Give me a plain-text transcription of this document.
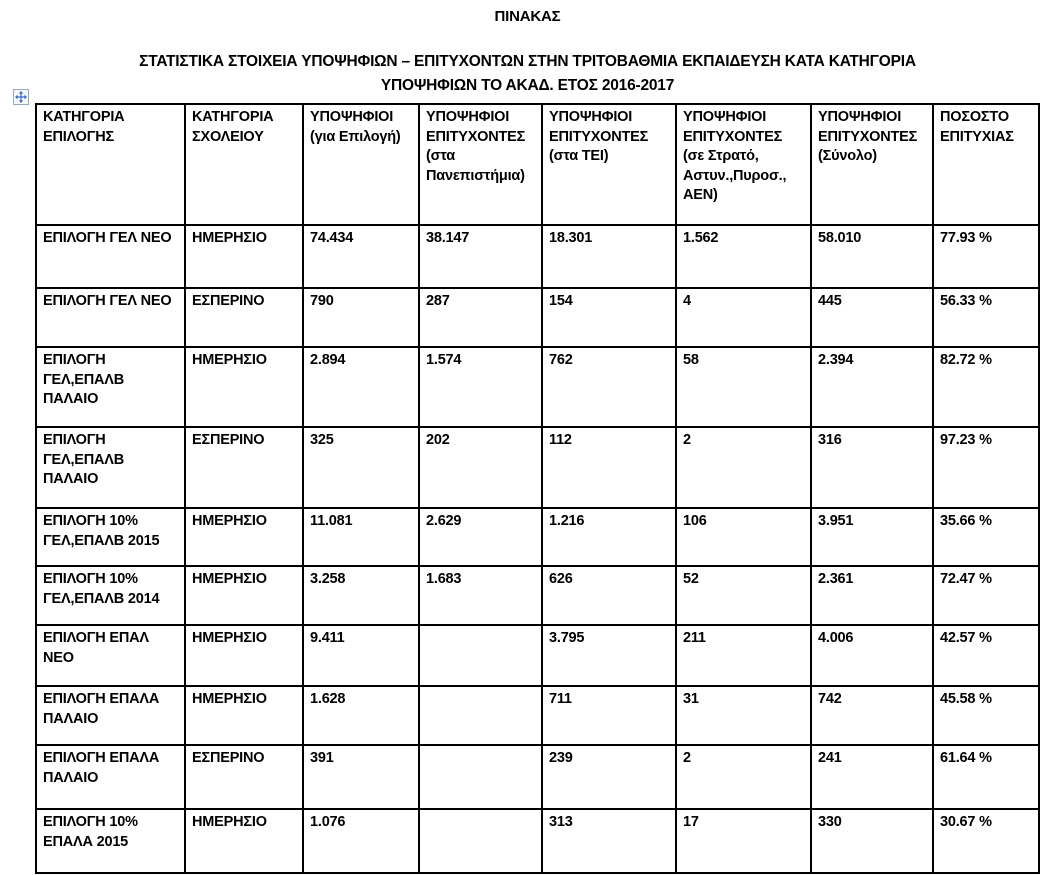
ΠΙΝΑΚΑΣ
ΣΤΑΤΙΣΤΙΚΑ ΣΤΟΙΧΕΙΑ ΥΠΟΨΗΦΙΩΝ – ΕΠΙΤΥΧΟΝΤΩΝ ΣΤΗΝ ΤΡΙΤΟΒΑΘΜΙΑ ΕΚΠΑΙΔΕΥΣΗ ΚΑΤΑ ΚΑΤΗΓΟΡΙΑ
ΥΠΟΨΗΦΙΩΝ ΤΟ ΑΚΑΔ. ΕΤΟΣ 2016-2017
ΚΑΤΗΓΟΡΙΑ ΕΠΙΛΟΓΗΣ	ΚΑΤΗΓΟΡΙΑ ΣΧΟΛΕΙΟΥ	ΥΠΟΨΗΦΙΟΙ (για Επιλογή)	ΥΠΟΨΗΦΙΟΙ ΕΠΙΤΥΧΟΝΤΕΣ (στα Πανεπιστήμια)	ΥΠΟΨΗΦΙΟΙ ΕΠΙΤΥΧΟΝΤΕΣ (στα ΤΕΙ)	ΥΠΟΨΗΦΙΟΙ ΕΠΙΤΥΧΟΝΤΕΣ (σε Στρατό, Αστυν.,Πυροσ., ΑΕΝ)	ΥΠΟΨΗΦΙΟΙ ΕΠΙΤΥΧΟΝΤΕΣ (Σύνολο)	ΠΟΣΟΣΤΟ ΕΠΙΤΥΧΙΑΣ
ΕΠΙΛΟΓΗ ΓΕΛ ΝΕΟ	ΗΜΕΡΗΣΙΟ	74.434	38.147	18.301	1.562	58.010	77.93 %
ΕΠΙΛΟΓΗ ΓΕΛ ΝΕΟ	ΕΣΠΕΡΙΝΟ	790	287	154	4	445	56.33 %
ΕΠΙΛΟΓΗ ΓΕΛ,ΕΠΑΛΒ ΠΑΛΑΙΟ	ΗΜΕΡΗΣΙΟ	2.894	1.574	762	58	2.394	82.72 %
ΕΠΙΛΟΓΗ ΓΕΛ,ΕΠΑΛΒ ΠΑΛΑΙΟ	ΕΣΠΕΡΙΝΟ	325	202	112	2	316	97.23 %
ΕΠΙΛΟΓΗ 10% ΓΕΛ,ΕΠΑΛΒ 2015	ΗΜΕΡΗΣΙΟ	11.081	2.629	1.216	106	3.951	35.66 %
ΕΠΙΛΟΓΗ 10% ΓΕΛ,ΕΠΑΛΒ 2014	ΗΜΕΡΗΣΙΟ	3.258	1.683	626	52	2.361	72.47 %
ΕΠΙΛΟΓΗ ΕΠΑΛ ΝΕΟ	ΗΜΕΡΗΣΙΟ	9.411		3.795	211	4.006	42.57 %
ΕΠΙΛΟΓΗ ΕΠΑΛΑ ΠΑΛΑΙΟ	ΗΜΕΡΗΣΙΟ	1.628		711	31	742	45.58 %
ΕΠΙΛΟΓΗ ΕΠΑΛΑ ΠΑΛΑΙΟ	ΕΣΠΕΡΙΝΟ	391		239	2	241	61.64 %
ΕΠΙΛΟΓΗ 10% ΕΠΑΛΑ 2015	ΗΜΕΡΗΣΙΟ	1.076		313	17	330	30.67 %
